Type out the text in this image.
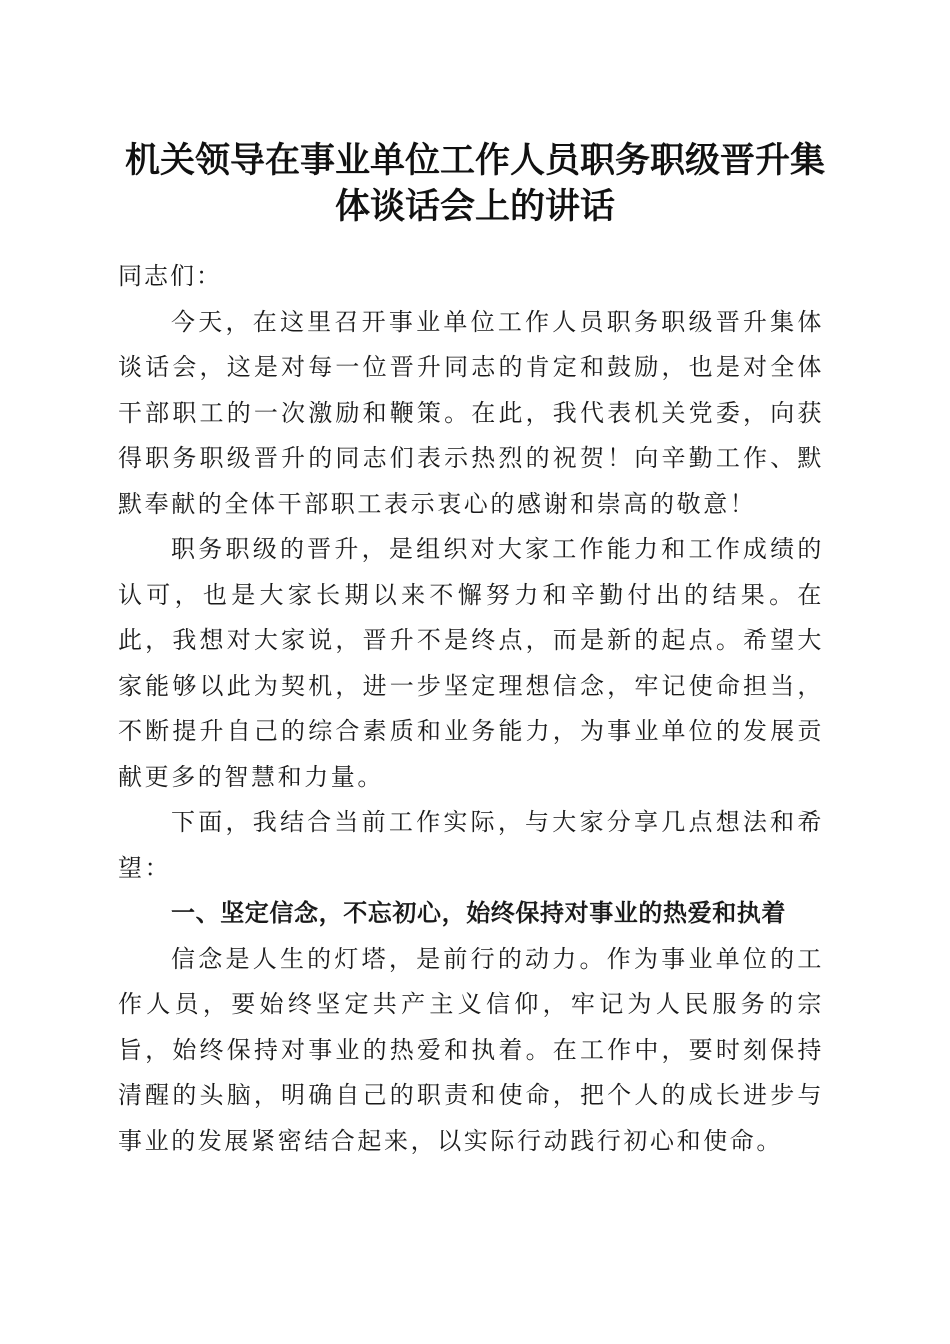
机关领导在事业单位工作人员职务职级晋升集
体谈话会上的讲话

同志们：

今天，在这里召开事业单位工作人员职务职级晋升集体谈话会，这是对每一位晋升同志的肯定和鼓励，也是对全体干部职工的一次激励和鞭策。在此，我代表机关党委，向获得职务职级晋升的同志们表示热烈的祝贺！向辛勤工作、默默奉献的全体干部职工表示衷心的感谢和崇高的敬意！

职务职级的晋升，是组织对大家工作能力和工作成绩的认可，也是大家长期以来不懈努力和辛勤付出的结果。在此，我想对大家说，晋升不是终点，而是新的起点。希望大家能够以此为契机，进一步坚定理想信念，牢记使命担当，不断提升自己的综合素质和业务能力，为事业单位的发展贡献更多的智慧和力量。

下面，我结合当前工作实际，与大家分享几点想法和希望：

一、坚定信念，不忘初心，始终保持对事业的热爱和执着

信念是人生的灯塔，是前行的动力。作为事业单位的工作人员，要始终坚定共产主义信仰，牢记为人民服务的宗旨，始终保持对事业的热爱和执着。在工作中，要时刻保持清醒的头脑，明确自己的职责和使命，把个人的成长进步与事业的发展紧密结合起来，以实际行动践行初心和使命。
